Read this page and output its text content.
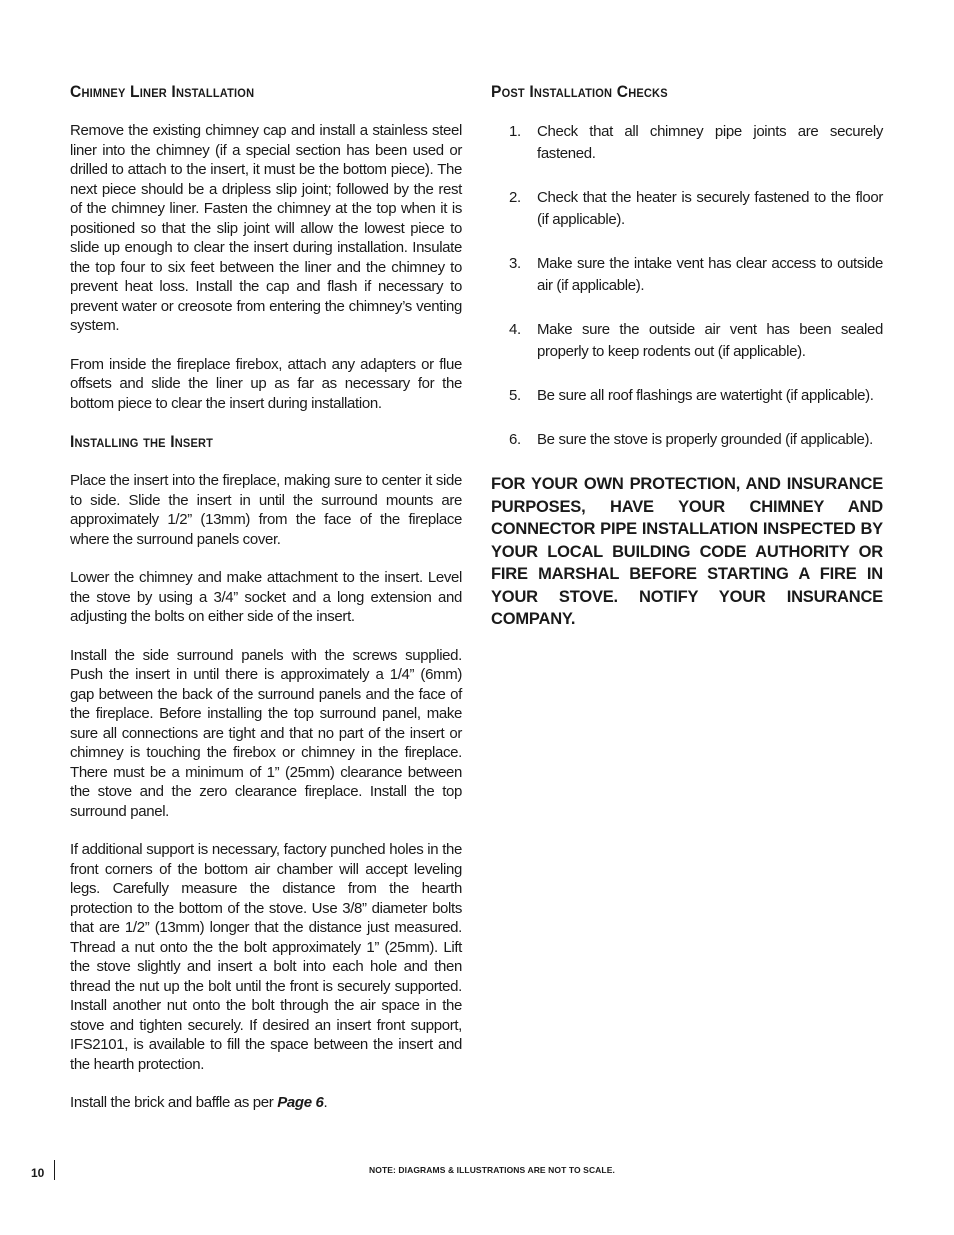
Chimney Liner Installation

Remove the existing chimney cap and install a stainless steel liner into the chimney (if a special section has been used or drilled to attach to the insert, it must be the bottom piece). The next piece should be a dripless slip joint; followed by the rest of the chimney liner. Fasten the chimney at the top when it is positioned so that the slip joint will allow the lowest piece to slide up enough to clear the insert during installation. Insulate the top four to six feet between the liner and the chimney to prevent heat loss. Install the cap and flash if necessary to prevent water or creosote from entering the chimney’s venting system.

From inside the fireplace firebox, attach any adapters or flue offsets and slide the liner up as far as necessary for the bottom piece to clear the insert during installation.

Installing the Insert

Place the insert into the fireplace, making sure to center it side to side. Slide the insert in until the surround mounts are approximately 1/2” (13mm) from the face of the fireplace where the surround panels cover.

Lower the chimney and make attachment to the insert. Level the stove by using a 3/4” socket and a long extension and adjusting the bolts on either side of the insert.

Install the side surround panels with the screws supplied. Push the insert in until there is approximately a 1/4” (6mm) gap between the back of the surround panels and the face of the fireplace. Before installing the top surround panel, make sure all connections are tight and that no part of the insert or chimney is touching the firebox or chimney in the fireplace. There must be a minimum of 1” (25mm) clearance between the stove and the zero clearance fireplace. Install the top surround panel.

If additional support is necessary, factory punched holes in the front corners of the bottom air chamber will accept leveling legs. Carefully measure the distance from the hearth protection to the bottom of the stove. Use 3/8” diameter bolts that are 1/2” (13mm) longer that the distance just measured. Thread a nut onto the the bolt approximately 1” (25mm). Lift the stove slightly and insert a bolt into each hole and then thread the nut up the bolt until the front is securely supported. Install another nut onto the bolt through the air space in the stove and tighten securely. If desired an insert front support, IFS2101, is available to fill the space between the insert and the hearth protection.

Install the brick and baffle as per Page 6.

Post Installation Checks
1. Check that all chimney pipe joints are securely fastened.
2. Check that the heater is securely fastened to the floor (if applicable).
3. Make sure the intake vent has clear access to outside air (if applicable).
4. Make sure the outside air vent has been sealed properly to keep rodents out (if applicable).
5. Be sure all roof flashings are watertight (if applicable).
6. Be sure the stove is properly grounded (if applicable).

FOR YOUR OWN PROTECTION, AND INSURANCE PURPOSES, HAVE YOUR CHIMNEY AND CONNECTOR PIPE INSTALLATION INSPECTED BY YOUR LOCAL BUILDING CODE AUTHORITY OR FIRE MARSHAL BEFORE STARTING A FIRE IN YOUR STOVE. NOTIFY YOUR INSURANCE COMPANY.

10	NOTE: DIAGRAMS & ILLUSTRATIONS ARE NOT TO SCALE.
